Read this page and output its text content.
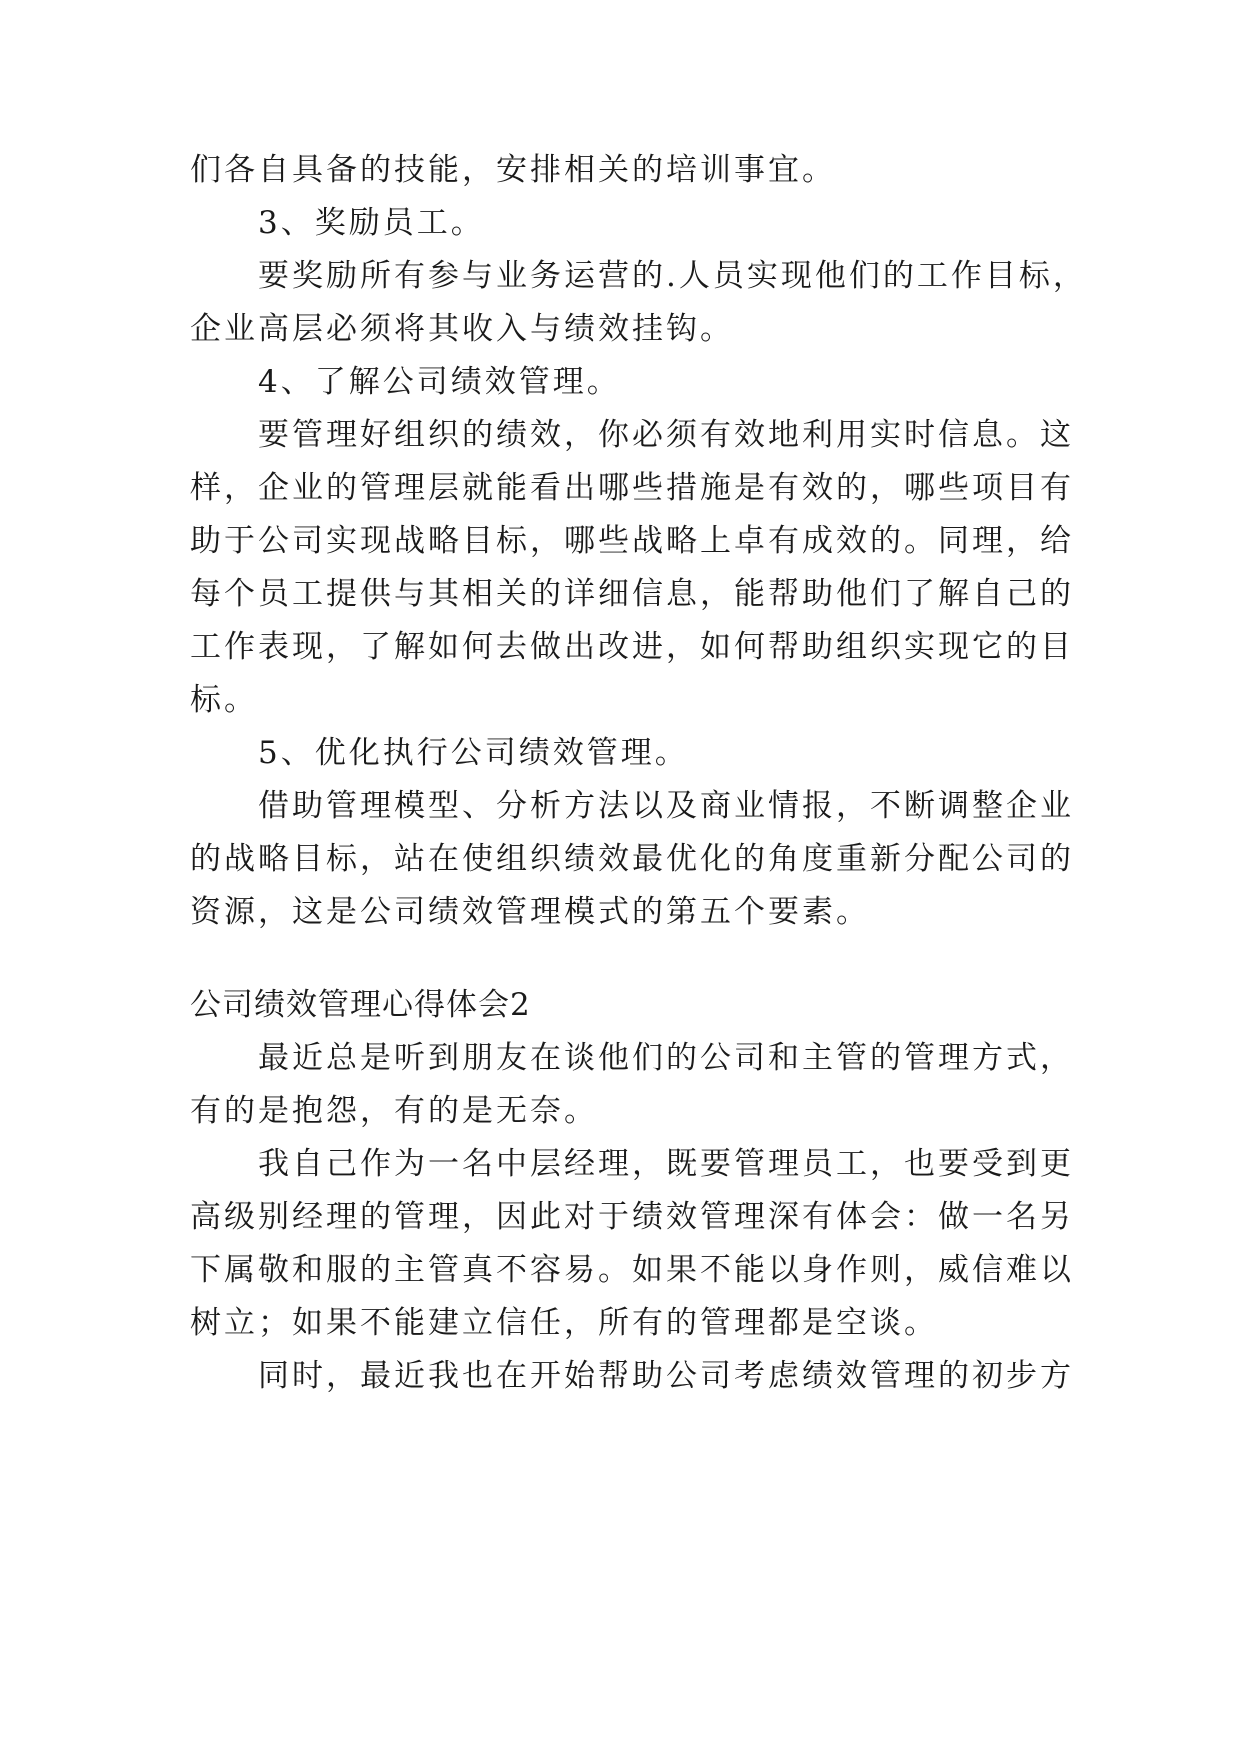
们各自具备的技能，安排相关的培训事宜。
3、奖励员工。
要奖励所有参与业务运营的.人员实现他们的工作目标，
企业高层必须将其收入与绩效挂钩。
4、了解公司绩效管理。
要管理好组织的绩效，你必须有效地利用实时信息。这
样，企业的管理层就能看出哪些措施是有效的，哪些项目有
助于公司实现战略目标，哪些战略上卓有成效的。同理，给
每个员工提供与其相关的详细信息，能帮助他们了解自己的
工作表现，了解如何去做出改进，如何帮助组织实现它的目
标。
5、优化执行公司绩效管理。
借助管理模型、分析方法以及商业情报，不断调整企业
的战略目标，站在使组织绩效最优化的角度重新分配公司的
资源，这是公司绩效管理模式的第五个要素。
公司绩效管理心得体会2
最近总是听到朋友在谈他们的公司和主管的管理方式，
有的是抱怨，有的是无奈。
我自己作为一名中层经理，既要管理员工，也要受到更
高级别经理的管理，因此对于绩效管理深有体会：做一名另
下属敬和服的主管真不容易。如果不能以身作则，威信难以
树立；如果不能建立信任，所有的管理都是空谈。
同时，最近我也在开始帮助公司考虑绩效管理的初步方
